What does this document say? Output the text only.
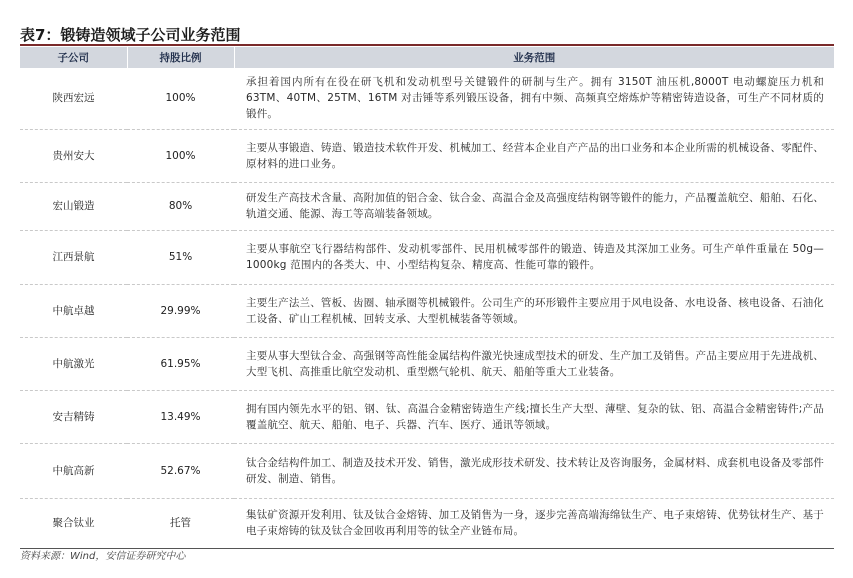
表7：锻铸造领域子公司业务范围
子公司	持股比例	业务范围
陕西宏远	100%	承担着国内所有在役在研飞机和发动机型号关键锻件的研制与生产。拥有 3150T 油压机,8000T 电动螺旋压力机和 63TM、40TM、25TM、16TM 对击锤等系列锻压设备，拥有中频、高频真空熔炼炉等精密铸造设备，可生产不同材质的锻件。
贵州安大	100%	主要从事锻造、铸造、锻造技术软件开发、机械加工、经营本企业自产产品的出口业务和本企业所需的机械设备、零配件、原材料的进口业务。
宏山锻造	80%	研发生产高技术含量、高附加值的铝合金、钛合金、高温合金及高强度结构钢等锻件的能力，产品覆盖航空、船舶、石化、轨道交通、能源、海工等高端装备领域。
江西景航	51%	主要从事航空飞行器结构部件、发动机零部件、民用机械零部件的锻造、铸造及其深加工业务。可生产单件重量在 50g—1000kg 范围内的各类大、中、小型结构复杂、精度高、性能可靠的锻件。
中航卓越	29.99%	主要生产法兰、管板、齿圈、轴承圈等机械锻件。公司生产的环形锻件主要应用于风电设备、水电设备、核电设备、石油化工设备、矿山工程机械、回转支承、大型机械装备等领域。
中航激光	61.95%	主要从事大型钛合金、高强钢等高性能金属结构件激光快速成型技术的研发、生产加工及销售。产品主要应用于先进战机、大型飞机、高推重比航空发动机、重型燃气轮机、航天、船舶等重大工业装备。
安吉精铸	13.49%	拥有国内领先水平的铝、钢、钛、高温合金精密铸造生产线;擅长生产大型、薄壁、复杂的钛、铝、高温合金精密铸件;产品覆盖航空、航天、船舶、电子、兵器、汽车、医疗、通讯等领域。
中航高新	52.67%	钛合金结构件加工、制造及技术开发、销售，激光成形技术研发、技术转让及咨询服务，金属材料、成套机电设备及零部件研发、制造、销售。
聚合钛业	托管	集钛矿资源开发利用、钛及钛合金熔铸、加工及销售为一身，逐步完善高端海绵钛生产、电子束熔铸、优势钛材生产、基于电子束熔铸的钛及钛合金回收再利用等的钛全产业链布局。
资料来源：Wind，安信证券研究中心
